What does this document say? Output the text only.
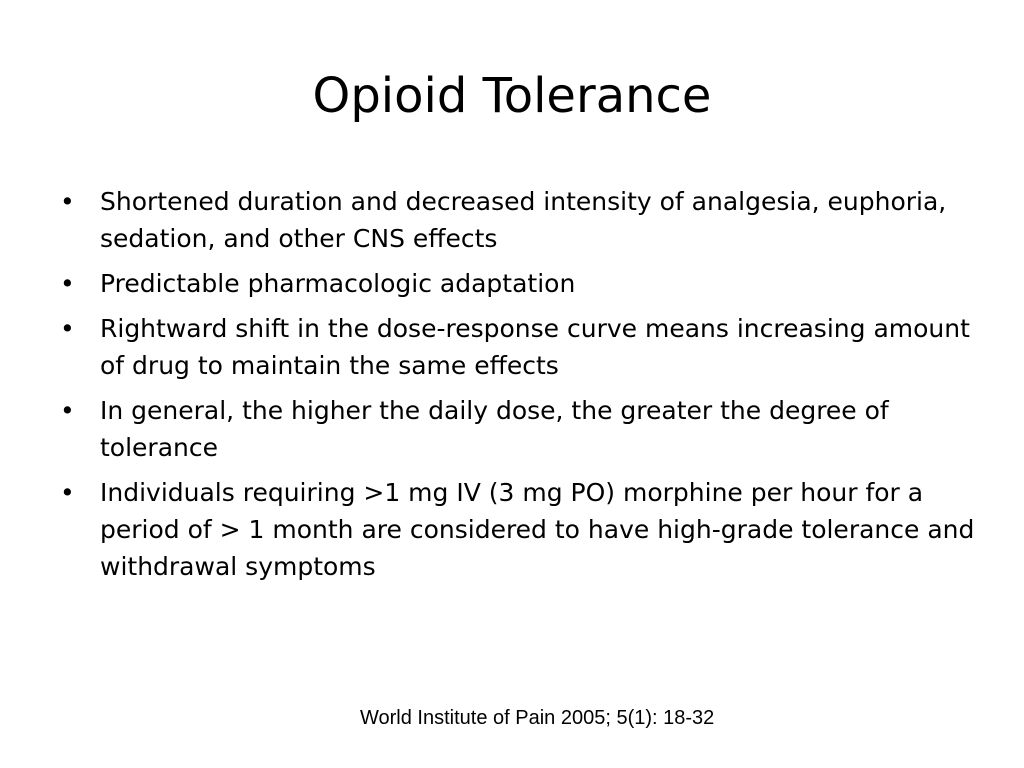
Opioid Tolerance
•	Shortened duration and decreased intensity of analgesia, euphoria, sedation, and other CNS effects
•	Predictable pharmacologic adaptation
•	Rightward shift in the dose-response curve means increasing amount of drug to maintain the same effects
•	In general, the higher the daily dose, the greater the degree of tolerance
•	Individuals requiring >1 mg IV (3 mg PO) morphine per hour for a period of > 1 month are considered to have high-grade tolerance and withdrawal symptoms
World Institute of Pain 2005; 5(1): 18-32
